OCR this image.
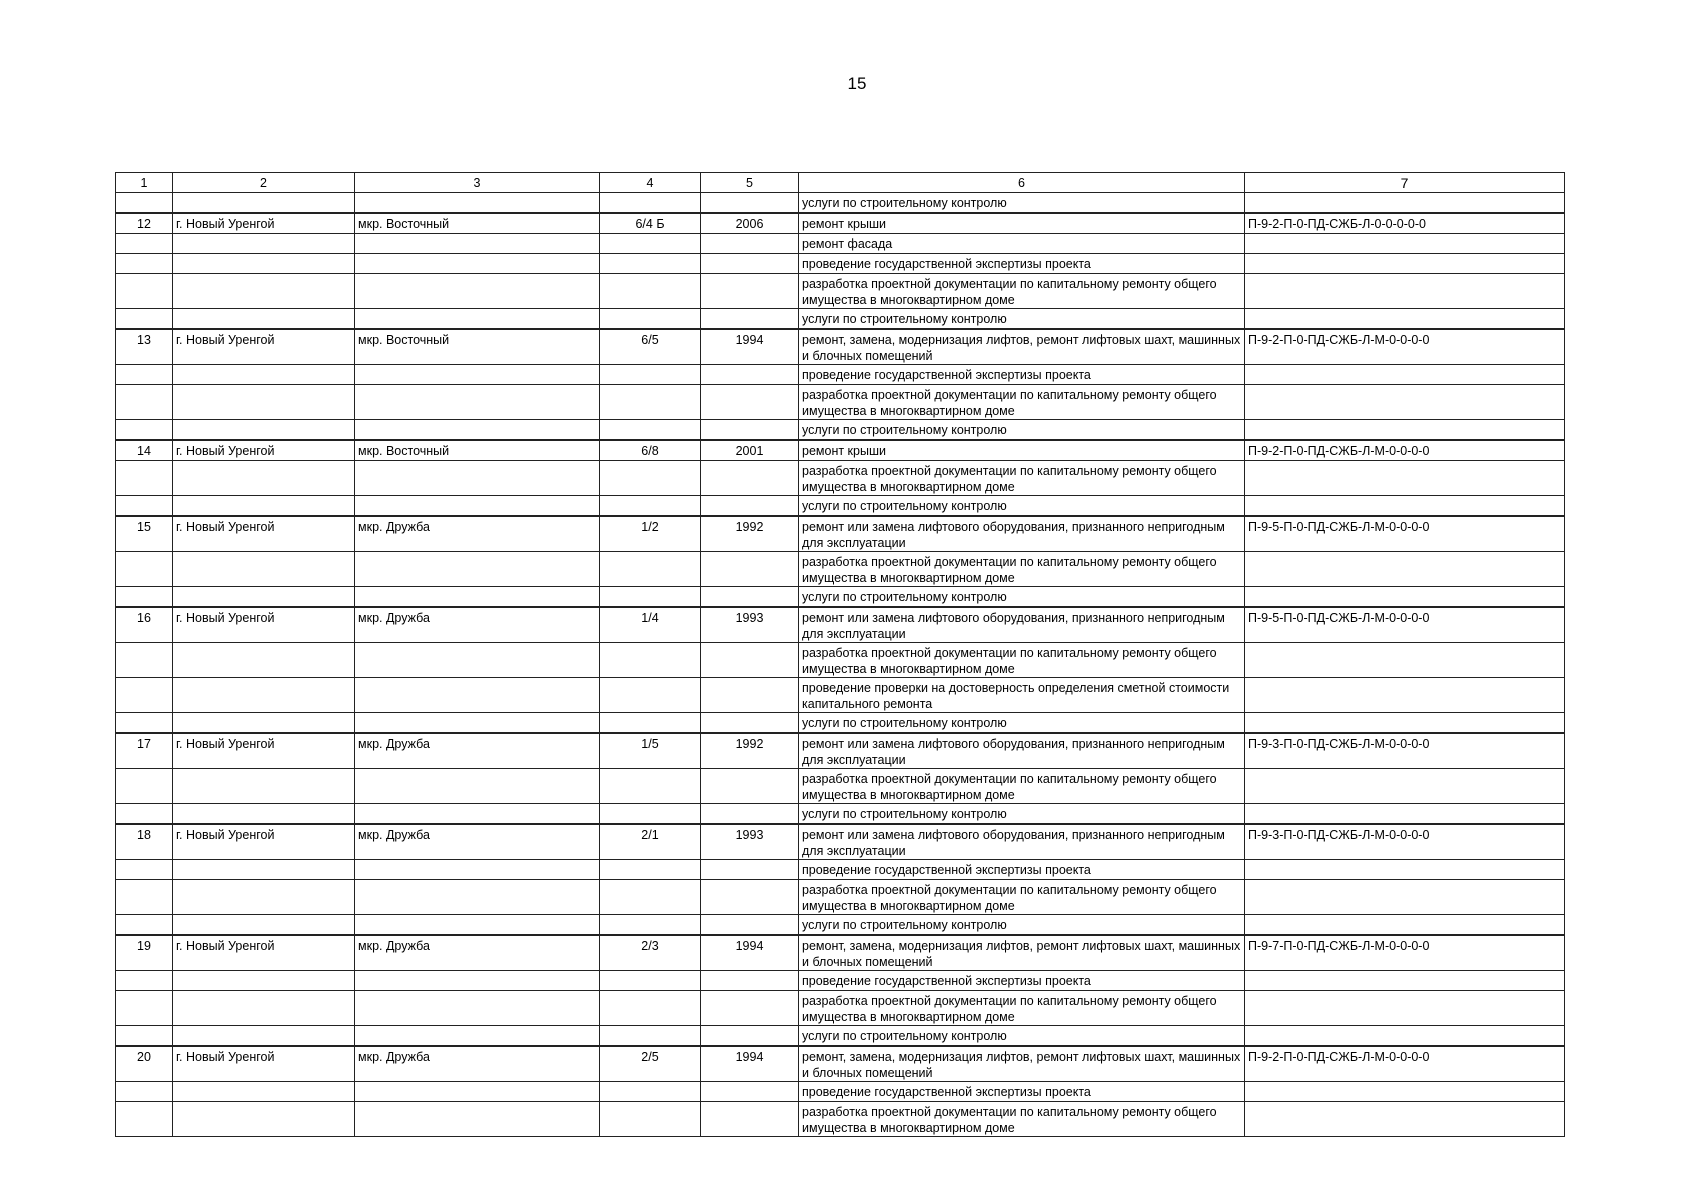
15
1	2	3	4	5	6	7
					услуги по строительному контролю	
12	г. Новый Уренгой	мкр. Восточный	6/4 Б	2006	ремонт крыши	П-9-2-П-0-ПД-СЖБ-Л-0-0-0-0-0
					ремонт фасада	
					проведение государственной экспертизы проекта	
					разработка проектной документации по капитальному ремонту общего имущества в многоквартирном доме	
					услуги по строительному контролю	
13	г. Новый Уренгой	мкр. Восточный	6/5	1994	ремонт, замена, модернизация лифтов, ремонт лифтовых шахт, машинных и блочных помещений	П-9-2-П-0-ПД-СЖБ-Л-М-0-0-0-0
					проведение государственной экспертизы проекта	
					разработка проектной документации по капитальному ремонту общего имущества в многоквартирном доме	
					услуги по строительному контролю	
14	г. Новый Уренгой	мкр. Восточный	6/8	2001	ремонт крыши	П-9-2-П-0-ПД-СЖБ-Л-М-0-0-0-0
					разработка проектной документации по капитальному ремонту общего имущества в многоквартирном доме	
					услуги по строительному контролю	
15	г. Новый Уренгой	мкр. Дружба	1/2	1992	ремонт или замена лифтового оборудования, признанного непригодным для эксплуатации	П-9-5-П-0-ПД-СЖБ-Л-М-0-0-0-0
					разработка проектной документации по капитальному ремонту общего имущества в многоквартирном доме	
					услуги по строительному контролю	
16	г. Новый Уренгой	мкр. Дружба	1/4	1993	ремонт или замена лифтового оборудования, признанного непригодным для эксплуатации	П-9-5-П-0-ПД-СЖБ-Л-М-0-0-0-0
					разработка проектной документации по капитальному ремонту общего имущества в многоквартирном доме	
					проведение проверки на достоверность определения сметной стоимости капитального ремонта	
					услуги по строительному контролю	
17	г. Новый Уренгой	мкр. Дружба	1/5	1992	ремонт или замена лифтового оборудования, признанного непригодным для эксплуатации	П-9-3-П-0-ПД-СЖБ-Л-М-0-0-0-0
					разработка проектной документации по капитальному ремонту общего имущества в многоквартирном доме	
					услуги по строительному контролю	
18	г. Новый Уренгой	мкр. Дружба	2/1	1993	ремонт или замена лифтового оборудования, признанного непригодным для эксплуатации	П-9-3-П-0-ПД-СЖБ-Л-М-0-0-0-0
					проведение государственной экспертизы проекта	
					разработка проектной документации по капитальному ремонту общего имущества в многоквартирном доме	
					услуги по строительному контролю	
19	г. Новый Уренгой	мкр. Дружба	2/3	1994	ремонт, замена, модернизация лифтов, ремонт лифтовых шахт, машинных и блочных помещений	П-9-7-П-0-ПД-СЖБ-Л-М-0-0-0-0
					проведение государственной экспертизы проекта	
					разработка проектной документации по капитальному ремонту общего имущества в многоквартирном доме	
					услуги по строительному контролю	
20	г. Новый Уренгой	мкр. Дружба	2/5	1994	ремонт, замена, модернизация лифтов, ремонт лифтовых шахт, машинных и блочных помещений	П-9-2-П-0-ПД-СЖБ-Л-М-0-0-0-0
					проведение государственной экспертизы проекта	
					разработка проектной документации по капитальному ремонту общего имущества в многоквартирном доме	
